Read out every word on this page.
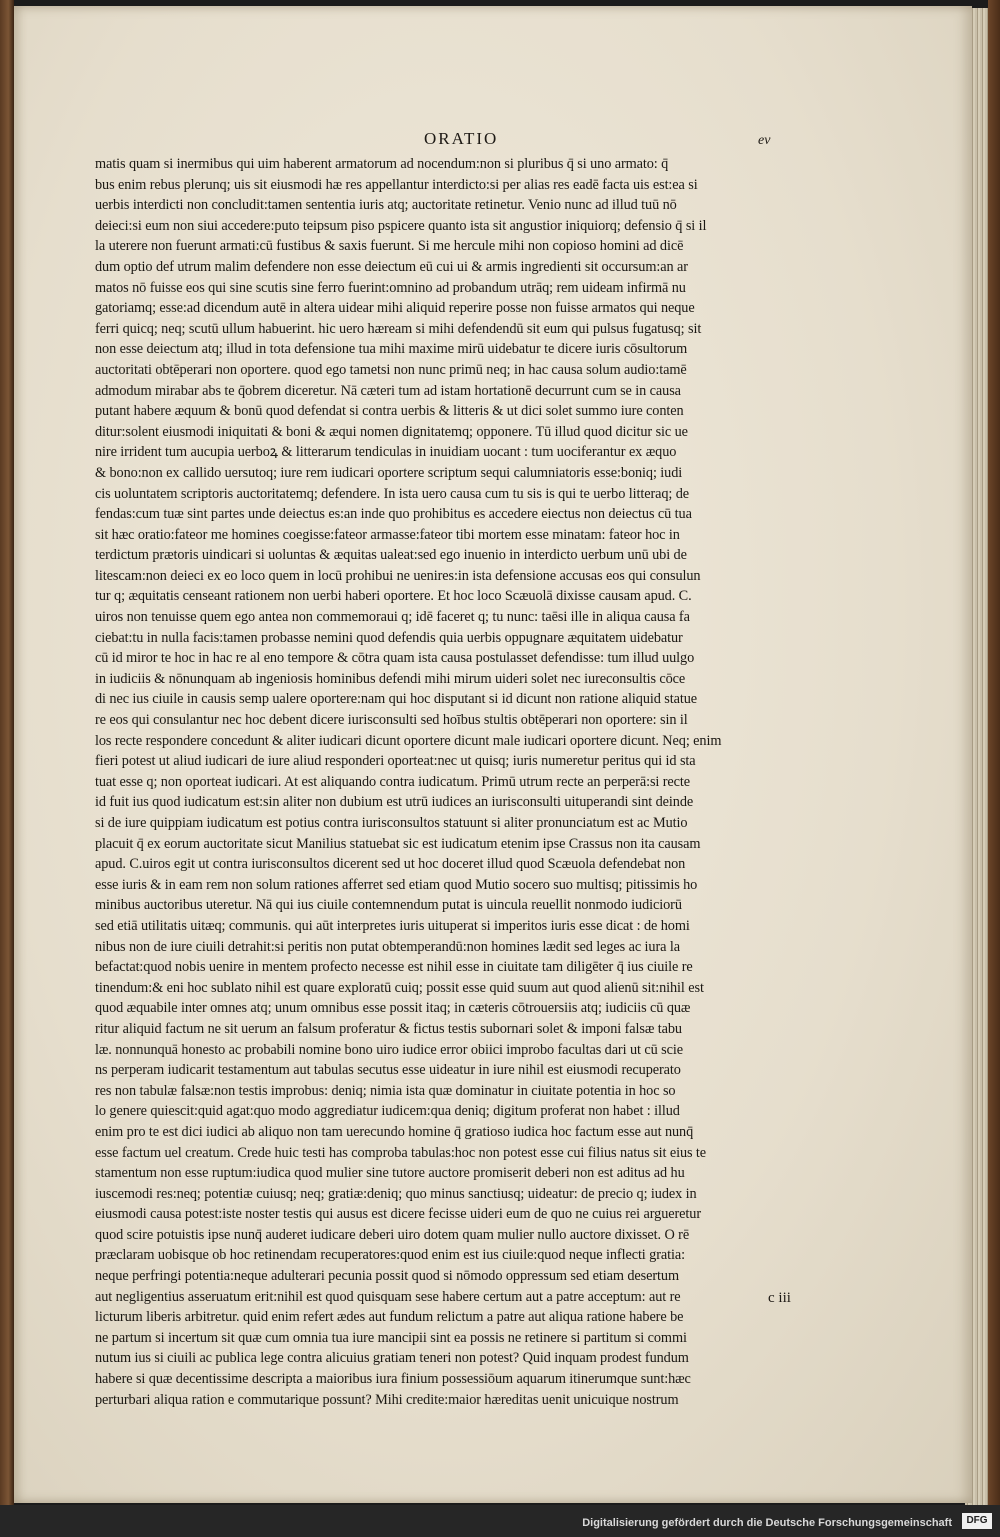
ORATIO	ev
matis quam si inermibus qui uim haberent armatorum ad nocendum:non si pluribus q̄ si uno armato: q̄
bus enim rebus plerunq; uis sit eiusmodi hæ res appellantur interdicto:si per alias res eadē facta uis est:ea si
uerbis interdicti non concludit:tamen sententia iuris atq; auctoritate retinetur. Venio nunc ad illud tuū nō
deieci:si eum non siui accedere:puto teipsum piso pspicere quanto ista sit angustior iniquiorq; defensio q̄ si il
la uterere non fuerunt armati:cū fustibus & saxis fuerunt. Si me hercule mihi non copioso homini ad dicē
dum optio def utrum malim defendere non esse deiectum eū cui ui & armis ingredienti sit occursum:an ar
matos nō fuisse eos qui sine scutis sine ferro fuerint:omnino ad probandum utrāq; rem uideam infirmā nu
gatoriamq; esse:ad dicendum autē in altera uidear mihi aliquid reperire posse non fuisse armatos qui neque
ferri quicq; neq; scutū ullum habuerint. hic uero hæream si mihi defendendū sit eum qui pulsus fugatusq; sit
non esse deiectum atq; illud in tota defensione tua mihi maxime mirū uidebatur te dicere iuris cōsultorum
auctoritati obtēperari non oportere. quod ego tametsi non nunc primū neq; in hac causa solum audio:tamē
admodum mirabar abs te q̄obrem diceretur. Nā cæteri tum ad istam hortationē decurrunt cum se in causa
putant habere æquum & bonū quod defendat si contra uerbis & litteris & ut dici solet summo iure conten
ditur:solent eiusmodi iniquitati & boni & æqui nomen dignitatemq; opponere. Tū illud quod dicitur sic ue
nire irrident tum aucupia uerboꝝ & litterarum tendiculas in inuidiam uocant : tum uociferantur ex æquo
& bono:non ex callido uersutoq; iure rem iudicari oportere scriptum sequi calumniatoris esse:boniq; iudi
cis uoluntatem scriptoris auctoritatemq; defendere. In ista uero causa cum tu sis is qui te uerbo litteraq; de
fendas:cum tuæ sint partes unde deiectus es:an inde quo prohibitus es accedere eiectus non deiectus cū tua
sit hæc oratio:fateor me homines coegisse:fateor armasse:fateor tibi mortem esse minatam: fateor hoc in
terdictum prætoris uindicari si uoluntas & æquitas ualeat:sed ego inuenio in interdicto uerbum unū ubi de
litescam:non deieci ex eo loco quem in locū prohibui ne uenires:in ista defensione accusas eos qui consulun
tur q; æquitatis censeant rationem non uerbi haberi oportere. Et hoc loco Scæuolā dixisse causam apud. C.
uiros non tenuisse quem ego antea non commemoraui q; idē faceret q; tu nunc: taēsi ille in aliqua causa fa
ciebat:tu in nulla facis:tamen probasse nemini quod defendis quia uerbis oppugnare æquitatem uidebatur
cū id miror te hoc in hac re al eno tempore & cōtra quam ista causa postulasset defendisse: tum illud uulgo
in iudiciis & nōnunquam ab ingeniosis hominibus defendi mihi mirum uideri solet nec iureconsultis cōce
di nec ius ciuile in causis semp ualere oportere:nam qui hoc disputant si id dicunt non ratione aliquid statue
re eos qui consulantur nec hoc debent dicere iurisconsulti sed hoībus stultis obtēperari non oportere: sin il
los recte respondere concedunt & aliter iudicari dicunt oportere dicunt male iudicari oportere dicunt. Neq; enim
fieri potest ut aliud iudicari de iure aliud responderi oporteat:nec ut quisq; iuris numeretur peritus qui id sta
tuat esse q; non oporteat iudicari. At est aliquando contra iudicatum. Primū utrum recte an perperā:si recte
id fuit ius quod iudicatum est:sin aliter non dubium est utrū iudices an iurisconsulti uituperandi sint deinde
si de iure quippiam iudicatum est potius contra iurisconsultos statuunt si aliter pronunciatum est ac Mutio
placuit q̄ ex eorum auctoritate sicut Manilius statuebat sic est iudicatum etenim ipse Crassus non ita causam
apud. C.uiros egit ut contra iurisconsultos dicerent sed ut hoc doceret illud quod Scæuola defendebat non
esse iuris & in eam rem non solum rationes afferret sed etiam quod Mutio socero suo multisq; pitissimis ho
minibus auctoribus uteretur. Nā qui ius ciuile contemnendum putat is uincula reuellit nonmodo iudiciorū
sed etiā utilitatis uitæq; communis. qui aūt interpretes iuris uituperat si imperitos iuris esse dicat : de homi
nibus non de iure ciuili detrahit:si peritis non putat obtemperandū:non homines lædit sed leges ac iura la
befactat:quod nobis uenire in mentem profecto necesse est nihil esse in ciuitate tam diligēter q̄ ius ciuile re
tinendum:& eni hoc sublato nihil est quare exploratū cuiq; possit esse quid suum aut quod alienū sit:nihil est
quod æquabile inter omnes atq; unum omnibus esse possit itaq; in cæteris cōtrouersiis atq; iudiciis cū quæ
ritur aliquid factum ne sit uerum an falsum proferatur & fictus testis subornari solet & imponi falsæ tabu
læ. nonnunquā honesto ac probabili nomine bono uiro iudice error obiici improbo facultas dari ut cū scie
ns perperam iudicarit testamentum aut tabulas secutus esse uideatur in iure nihil est eiusmodi recuperato
res non tabulæ falsæ:non testis improbus: deniq; nimia ista quæ dominatur in ciuitate potentia in hoc so
lo genere quiescit:quid agat:quo modo aggrediatur iudicem:qua deniq; digitum proferat non habet : illud
enim pro te est dici iudici ab aliquo non tam uerecundo homine q̄ gratioso iudica hoc factum esse aut nunq̄
esse factum uel creatum. Crede huic testi has comproba tabulas:hoc non potest esse cui filius natus sit eius te
stamentum non esse ruptum:iudica quod mulier sine tutore auctore promiserit deberi non est aditus ad hu
iuscemodi res:neq; potentiæ cuiusq; neq; gratiæ:deniq; quo minus sanctiusq; uideatur: de precio q; iudex in
eiusmodi causa potest:iste noster testis qui ausus est dicere fecisse uideri eum de quo ne cuius rei argueretur
quod scire potuistis ipse nunq̄ auderet iudicare deberi uiro dotem quam mulier nullo auctore dixisset. O rē
præclaram uobisque ob hoc retinendam recuperatores:quod enim est ius ciuile:quod neque inflecti gratia:
neque perfringi potentia:neque adulterari pecunia possit quod si nōmodo oppressum sed etiam desertum
aut negligentius asseruatum erit:nihil est quod quisquam sese habere certum aut a patre acceptum: aut re
licturum liberis arbitretur. quid enim refert ædes aut fundum relictum a patre aut aliqua ratione habere be
ne partum si incertum sit quæ cum omnia tua iure mancipii sint ea possis ne retinere si partitum si commi
nutum ius si ciuili ac publica lege contra alicuius gratiam teneri non potest? Quid inquam prodest fundum
habere si quæ decentissime descripta a maioribus iura finium possessiōum aquarum itinerumque sunt:hæc
perturbari aliqua ration e commutarique possunt? Mihi credite:maior hæreditas uenit unicuique nostrum
c iii
Digitalisierung gefördert durch die Deutsche Forschungsgemeinschaft	DFG
